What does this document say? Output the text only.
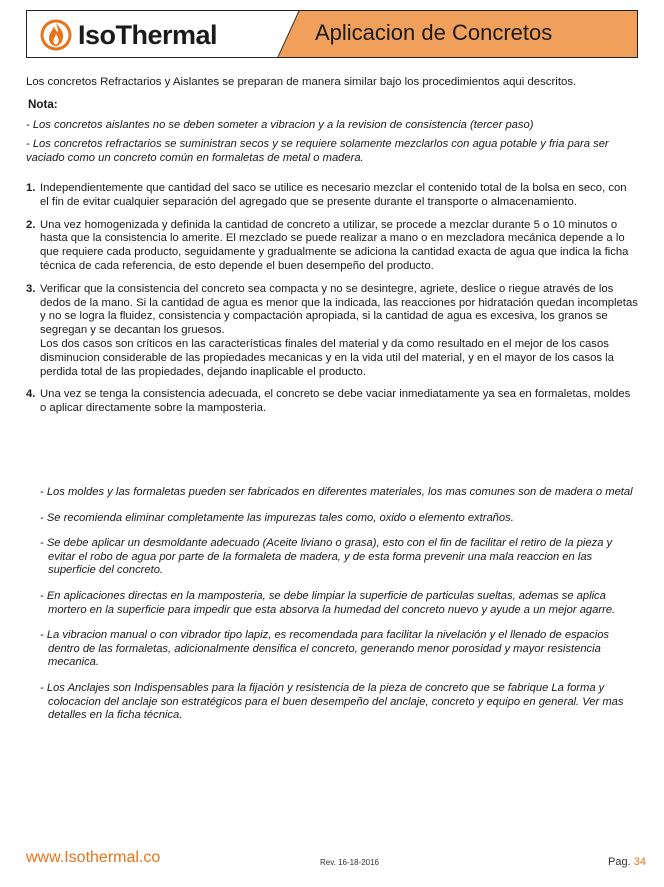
IsoThermal	Aplicacion de Concretos
Los concretos Refractarios y Aislantes se preparan de manera similar bajo los procedimientos aqui descritos.
Nota:

- Los concretos aislantes no se deben someter a vibracion y a la revision de consistencia (tercer paso)

- Los concretos refractarios se suministran secos y se requiere solamente mezclarlos con agua potable y fria para ser vaciado como un concreto común en formaletas de metal o madera.

1. Independientemente que cantidad del saco se utilice es necesario mezclar el contenido total de la bolsa en seco, con el fin de evitar cualquier separación del agregado que se presente durante el transporte o almacenamiento.

2. Una vez homogenizada y definida la cantidad de concreto a utilizar, se procede a mezclar durante 5 o 10 minutos o hasta que la consistencia lo amerite. El mezclado se puede realizar a mano o en mezcladora mecánica depende a lo que requiere cada producto, seguidamente y gradualmente se adiciona la cantidad exacta de agua que indica la ficha técnica de cada referencia, de esto depende el buen desempeño del producto.

3. Verificar que la consistencia del concreto sea compacta y no se desintegre, agriete, deslice o riegue através de los dedos de la mano. Si la cantidad de agua es menor que la indicada, las reacciones por hidratación quedan incompletas y no se logra la fluidez, consistencia y compactación apropiada, si la cantidad de agua es excesiva, los granos se segregan y se decantan los gruesos.

Los dos casos son críticos en las características finales del material y da como resultado en el mejor de los casos disminucion considerable de las propiedades mecanicas y en la vida util del material, y en el mayor de los casos la perdida total de las propiedades, dejando inaplicable el producto.

4. Una vez se tenga la consistencia adecuada, el concreto se debe vaciar inmediatamente ya sea en formaletas, moldes o aplicar directamente sobre la mamposteria.

- Los moldes y las formaletas pueden ser fabricados en diferentes materiales, los mas comunes son de madera o metal
- Se recomienda eliminar completamente las impurezas tales como, oxido o elemento extraños.
- Se debe aplicar un desmoldante adecuado (Aceite liviano o grasa), esto con el fin de facilitar el retiro de la pieza y evitar el robo de agua por parte de la formaleta de madera, y de esta forma prevenir una mala reaccion en las superficie del concreto.
- En aplicaciones directas en la mamposteria, se debe limpiar la superficie de particulas sueltas, ademas se aplica mortero en la superficie para impedir que esta absorva la humedad del concreto nuevo y ayude a un mejor agarre.
- La vibracion manual o con vibrador tipo lapiz, es recomendada para facilitar la nivelación y el llenado de espacios dentro de las formaletas, adicionalmente densifica el concreto, generando menor porosidad y mayor resistencia mecanica.
- Los Anclajes son Indispensables para la fijación y resistencia de la pieza de concreto que se fabrique La forma y colocacion del anclaje son estratégicos para el buen desempeño del anclaje, concreto y equipo en general. Ver mas detalles en la ficha técnica.
www.Isothermal.co	Rev. 16-18-2016	Pag. 34
